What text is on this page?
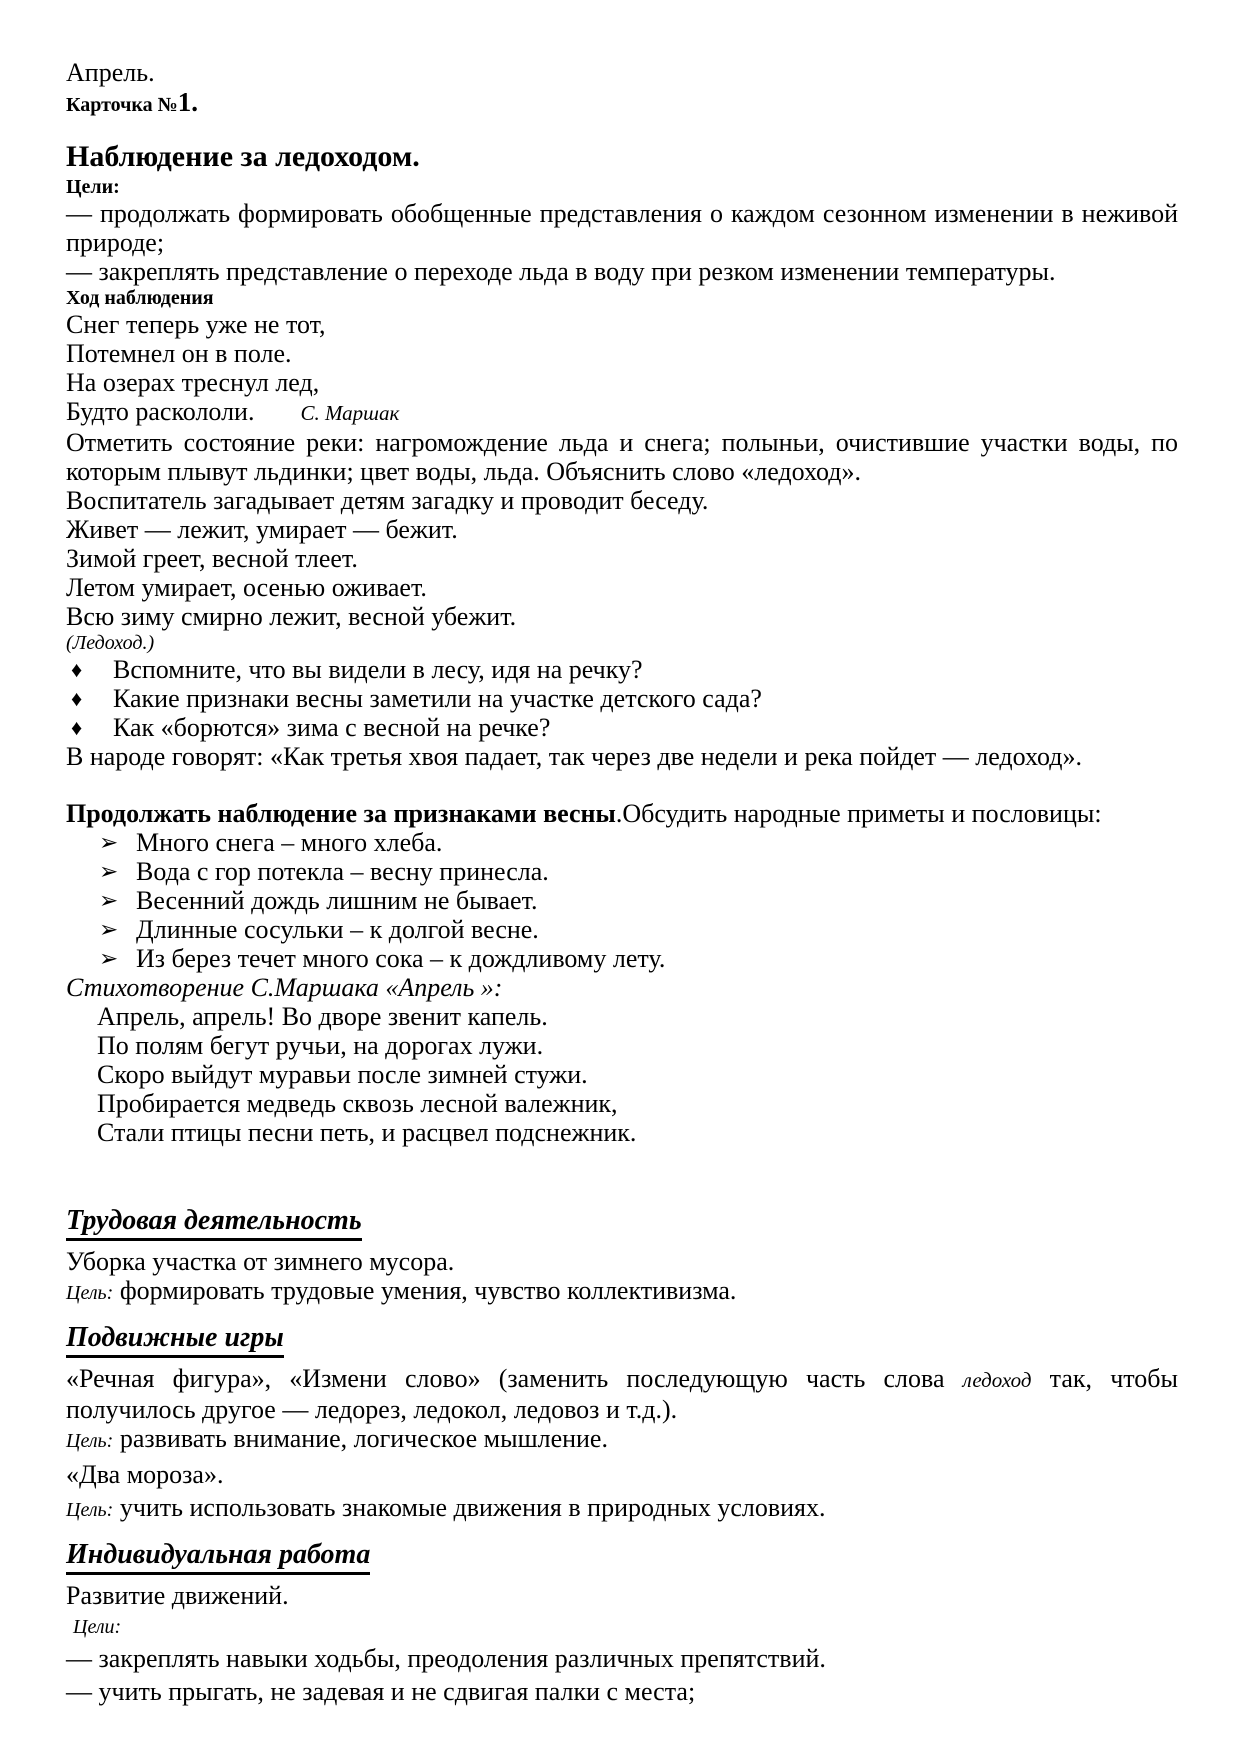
Апрель.

Карточка №1.

Наблюдение за ледоходом.

Цели:

— продолжать формировать обобщенные представления о каждом сезонном изменении в неживой природе;

— закреплять представление о переходе льда в воду при резком изменении температуры.

Ход наблюдения

Снег теперь уже не тот,

Потемнел он в поле.

На озерах треснул лед,

Будто раскололи. С. Маршак

Отметить состояние реки: нагромождение льда и снега; полыньи, очистившие участки воды, по которым плывут льдинки; цвет воды, льда. Объяснить слово «ледоход».

Воспитатель загадывает детям загадку и проводит беседу.

Живет — лежит, умирает — бежит.

Зимой греет, весной тлеет.

Летом умирает, осенью оживает.

Всю зиму смирно лежит, весной убежит.

(Ледоход.)

♦	Вспомните, что вы видели в лесу, идя на речку?
♦	Какие признаки весны заметили на участке детского сада?
♦	Как «борются» зима с весной на речке?

В народе говорят: «Как третья хвоя падает, так через две недели и река пойдет — ледоход».

Продолжать наблюдение за признаками весны.Обсудить народные приметы и пословицы:

➢ Много снега – много хлеба.
➢ Вода с гор потекла – весну принесла.
➢ Весенний дождь лишним не бывает.
➢ Длинные сосульки – к долгой весне.
➢ Из берез течет много сока – к дождливому лету.

Стихотворение С.Маршака «Апрель »:

Апрель, апрель! Во дворе звенит капель.

По полям бегут ручьи, на дорогах лужи.

Скоро выйдут муравьи после зимней стужи.

Пробирается медведь сквозь лесной валежник,

Стали птицы песни петь, и расцвел подснежник.

Трудовая деятельность

Уборка участка от зимнего мусора.

Цель: формировать трудовые умения, чувство коллективизма.

Подвижные игры

«Речная фигура», «Измени слово» (заменить последующую часть слова ледоход так, чтобы получилось другое — ледорез, ледокол, ледовоз и т.д.).

Цель: развивать внимание, логическое мышление.

«Два мороза».

Цель: учить использовать знакомые движения в природных условиях.

Индивидуальная работа

Развитие движений.

Цели:

— закреплять навыки ходьбы, преодоления различных препятствий.

— учить прыгать, не задевая и не сдвигая палки с места;
